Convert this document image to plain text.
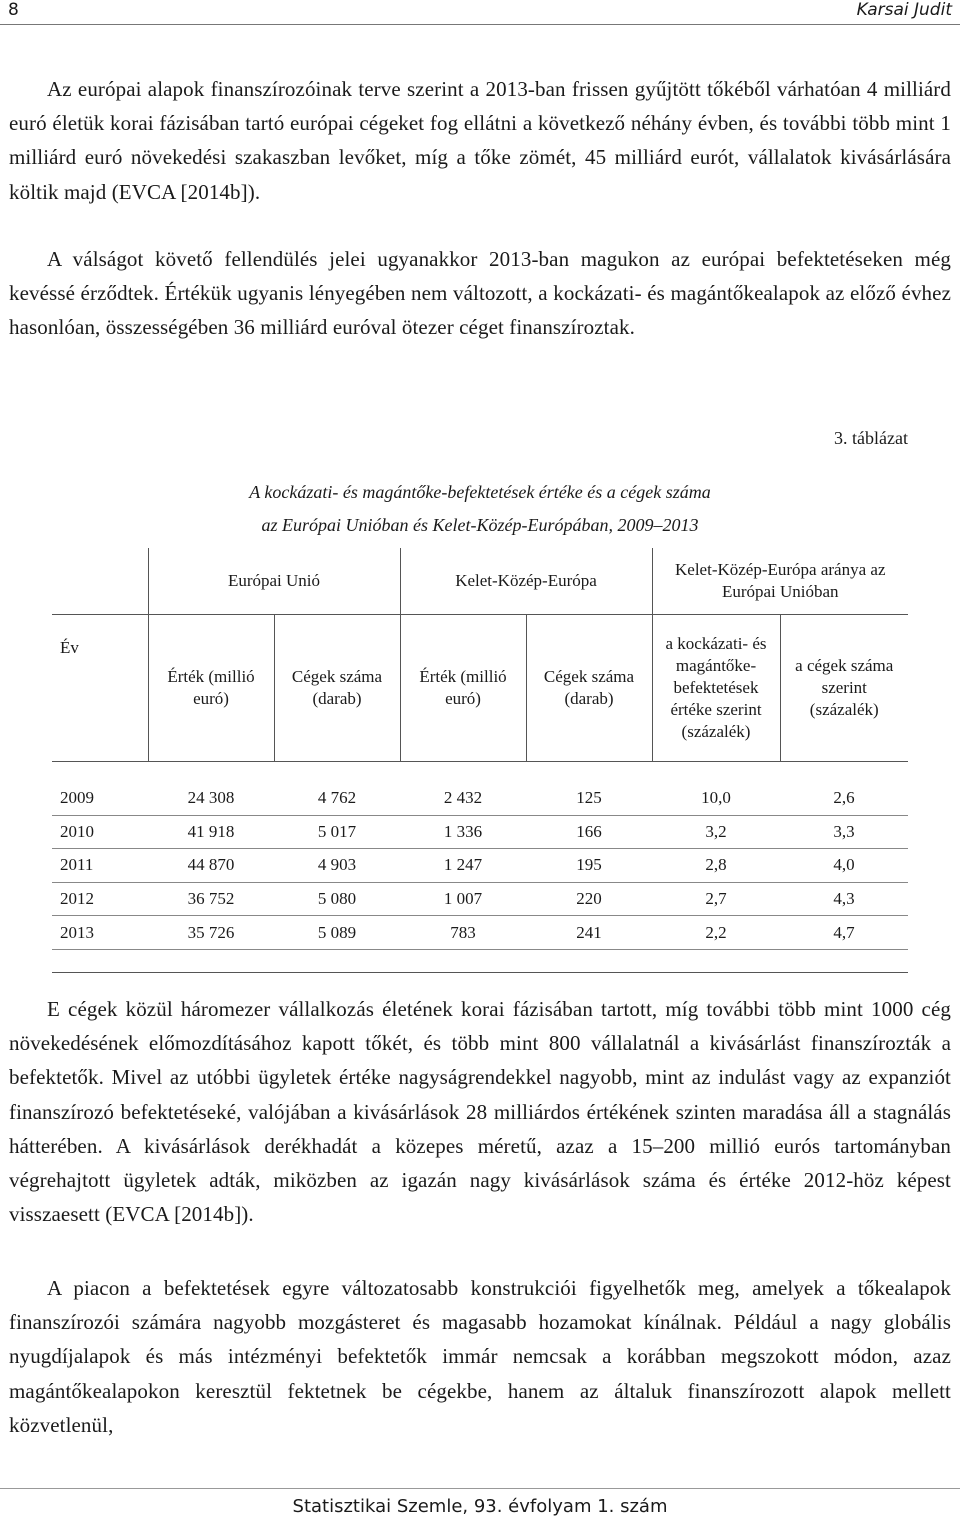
8	Karsai Judit

Az európai alapok finanszírozóinak terve szerint a 2013-ban frissen gyűjtött tőkéből várhatóan 4 milliárd euró életük korai fázisában tartó európai cégeket fog ellátni a következő néhány évben, és további több mint 1 milliárd euró növekedési szakaszban levőket, míg a tőke zömét, 45 milliárd eurót, vállalatok kivásárlására költik majd (EVCA [2014b]).

A válságot követő fellendülés jelei ugyanakkor 2013-ban magukon az európai befektetéseken még kevéssé érződtek. Értékük ugyanis lényegében nem változott, a kockázati- és magántőkealapok az előző évhez hasonlóan, összességében 36 milliárd euróval ötezer céget finanszíroztak.

3. táblázat
A kockázati- és magántőke-befektetések értéke és a cégek száma
az Európai Unióban és Kelet-Közép-Európában, 2009–2013
	Európai Unió		Kelet-Közép-Európa		Kelet-Közép-Európa aránya az Európai Unióban	
Év	Érték (millió euró)	Cégek száma (darab)	Érték (millió euró)	Cégek száma (darab)	a kockázati- és magántőke-befektetések értéke szerint (százalék)	a cégek száma szerint (százalék)

2009	24 308	4 762	2 432	125	10,0	2,6
2010	41 918	5 017	1 336	166	3,2	3,3
2011	44 870	4 903	1 247	195	2,8	4,0
2012	36 752	5 080	1 007	220	2,7	4,3
2013	35 726	5 089	783	241	2,2	4,7

E cégek közül háromezer vállalkozás életének korai fázisában tartott, míg további több mint 1000 cég növekedésének előmozdításához kapott tőkét, és több mint 800 vállalatnál a kivásárlást finanszírozták a befektetők. Mivel az utóbbi ügyletek értéke nagyságrendekkel nagyobb, mint az indulást vagy az expanziót finanszírozó befektetéseké, valójában a kivásárlások 28 milliárdos értékének szinten maradása áll a stagnálás hátterében. A kivásárlások derékhadát a közepes méretű, azaz a 15–200 millió eurós tartományban végrehajtott ügyletek adták, miközben az igazán nagy kivásárlások száma és értéke 2012-höz képest visszaesett (EVCA [2014b]).

A piacon a befektetések egyre változatosabb konstrukciói figyelhetők meg, amelyek a tőkealapok finanszírozói számára nagyobb mozgásteret és magasabb hozamokat kínálnak. Például a nagy globális nyugdíjalapok és más intézményi befektetők immár nemcsak a korábban megszokott módon, azaz magántőkealapokon keresztül fektetnek be cégekbe, hanem az általuk finanszírozott alapok mellett közvetlenül,

Statisztikai Szemle, 93. évfolyam 1. szám
